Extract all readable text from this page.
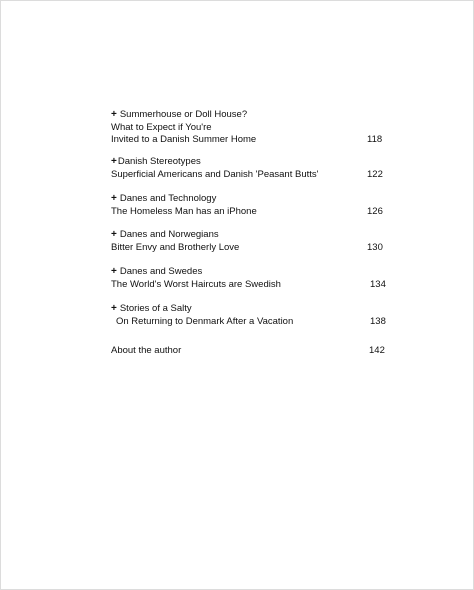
+ Summerhouse or Doll House?
What to Expect if You're
Invited to a Danish Summer Home	118
+Danish Stereotypes
Superficial Americans and Danish 'Peasant Butts'	122
+ Danes and Technology
The Homeless Man has an iPhone	126
+ Danes and Norwegians
Bitter Envy and Brotherly Love	130
+ Danes and Swedes
The World's Worst Haircuts are Swedish	134
+ Stories of a Salty
On Returning to Denmark After a Vacation	138
About the author	142
